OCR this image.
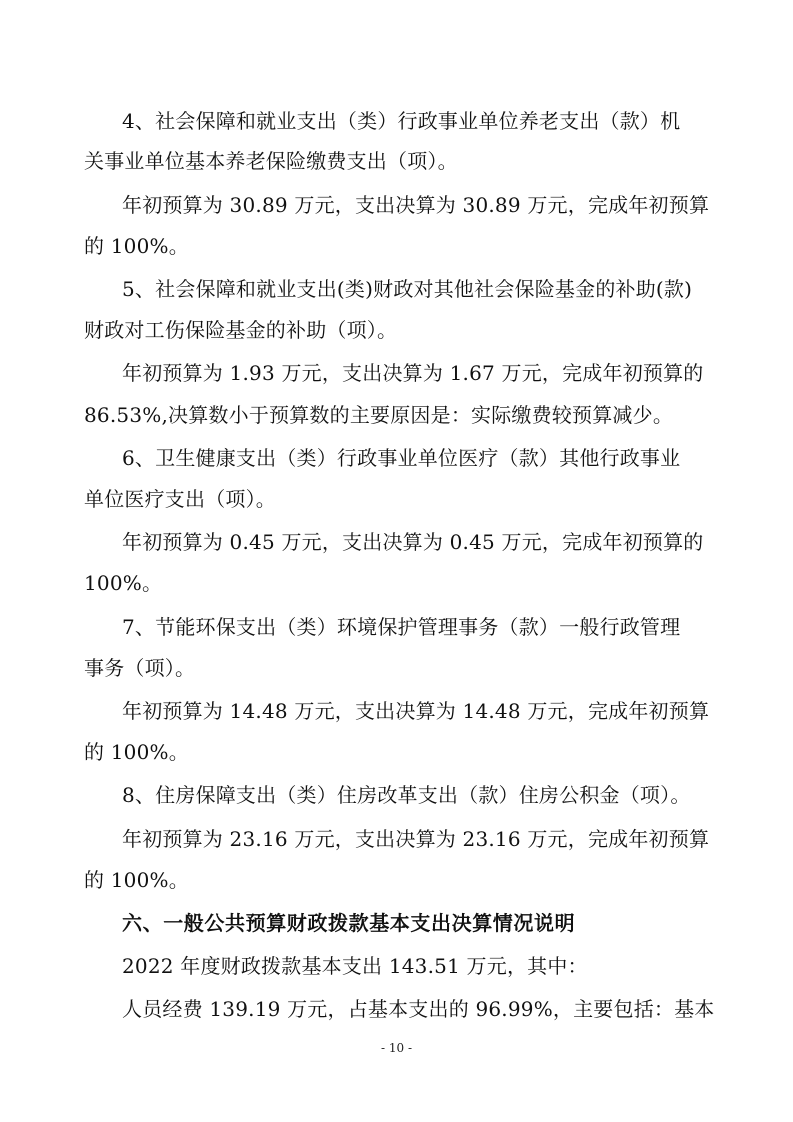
4、社会保障和就业支出（类）行政事业单位养老支出（款）机
关事业单位基本养老保险缴费支出（项）。
年初预算为 30.89 万元，支出决算为 30.89 万元，完成年初预算
的 100%。
5、社会保障和就业支出(类)财政对其他社会保险基金的补助(款)
财政对工伤保险基金的补助（项）。
年初预算为 1.93 万元，支出决算为 1.67 万元，完成年初预算的
86.53%,决算数小于预算数的主要原因是：实际缴费较预算减少。
6、卫生健康支出（类）行政事业单位医疗（款）其他行政事业
单位医疗支出（项）。
年初预算为 0.45 万元，支出决算为 0.45 万元，完成年初预算的
100%。
7、节能环保支出（类）环境保护管理事务（款）一般行政管理
事务（项）。
年初预算为 14.48 万元，支出决算为 14.48 万元，完成年初预算
的 100%。
8、住房保障支出（类）住房改革支出（款）住房公积金（项）。
年初预算为 23.16 万元，支出决算为 23.16 万元，完成年初预算
的 100%。
六、一般公共预算财政拨款基本支出决算情况说明
2022 年度财政拨款基本支出 143.51 万元，其中：
人员经费 139.19 万元，占基本支出的 96.99%，主要包括：基本
- 10 -
